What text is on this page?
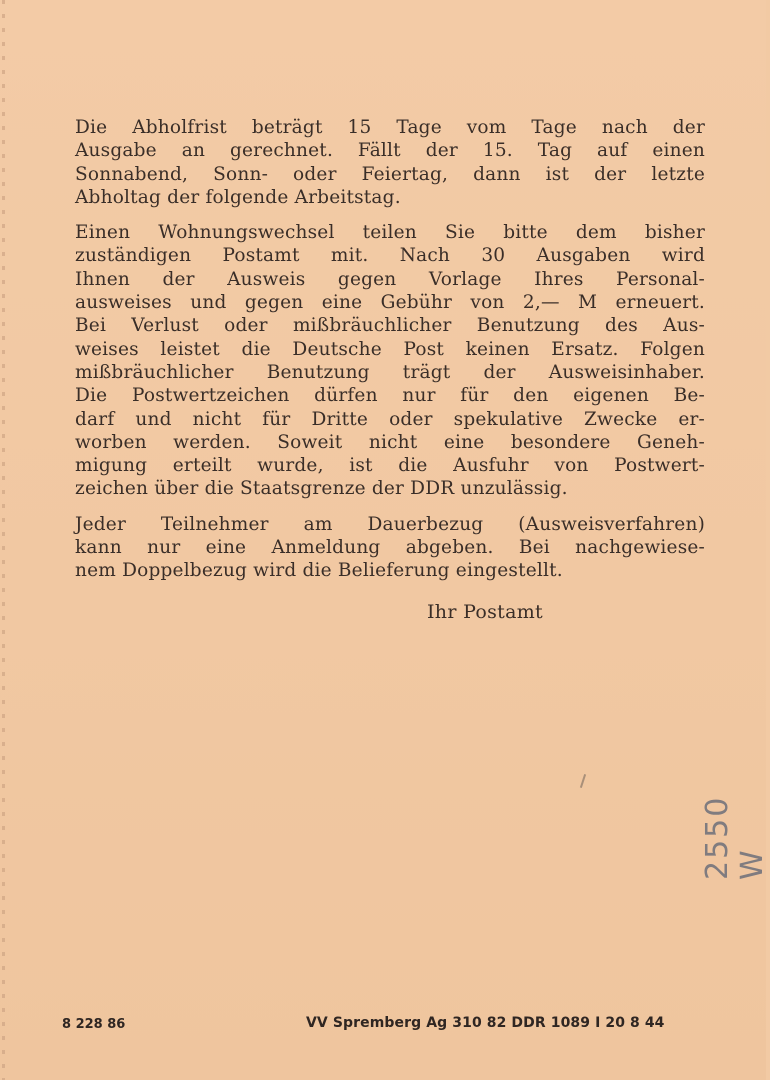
Die Abholfrist beträgt 15 Tage vom Tage nach der
Ausgabe an gerechnet. Fällt der 15. Tag auf einen
Sonnabend, Sonn- oder Feiertag, dann ist der letzte
Abholtag der folgende Arbeitstag.
Einen Wohnungswechsel teilen Sie bitte dem bisher
zuständigen Postamt mit. Nach 30 Ausgaben wird
Ihnen der Ausweis gegen Vorlage Ihres Personal-
ausweises und gegen eine Gebühr von 2,— M erneuert.
Bei Verlust oder mißbräuchlicher Benutzung des Aus-
weises leistet die Deutsche Post keinen Ersatz. Folgen
mißbräuchlicher Benutzung trägt der Ausweisinhaber.
Die Postwertzeichen dürfen nur für den eigenen Be-
darf und nicht für Dritte oder spekulative Zwecke er-
worben werden. Soweit nicht eine besondere Geneh-
migung erteilt wurde, ist die Ausfuhr von Postwert-
zeichen über die Staatsgrenze der DDR unzulässig.
Jeder Teilnehmer am Dauerbezug (Ausweisverfahren)
kann nur eine Anmeldung abgeben. Bei nachgewiese-
nem Doppelbezug wird die Belieferung eingestellt.
Ihr Postamt
2550 W
8 228 86	VV Spremberg Ag 310 82 DDR 1089 I 20 8 44
